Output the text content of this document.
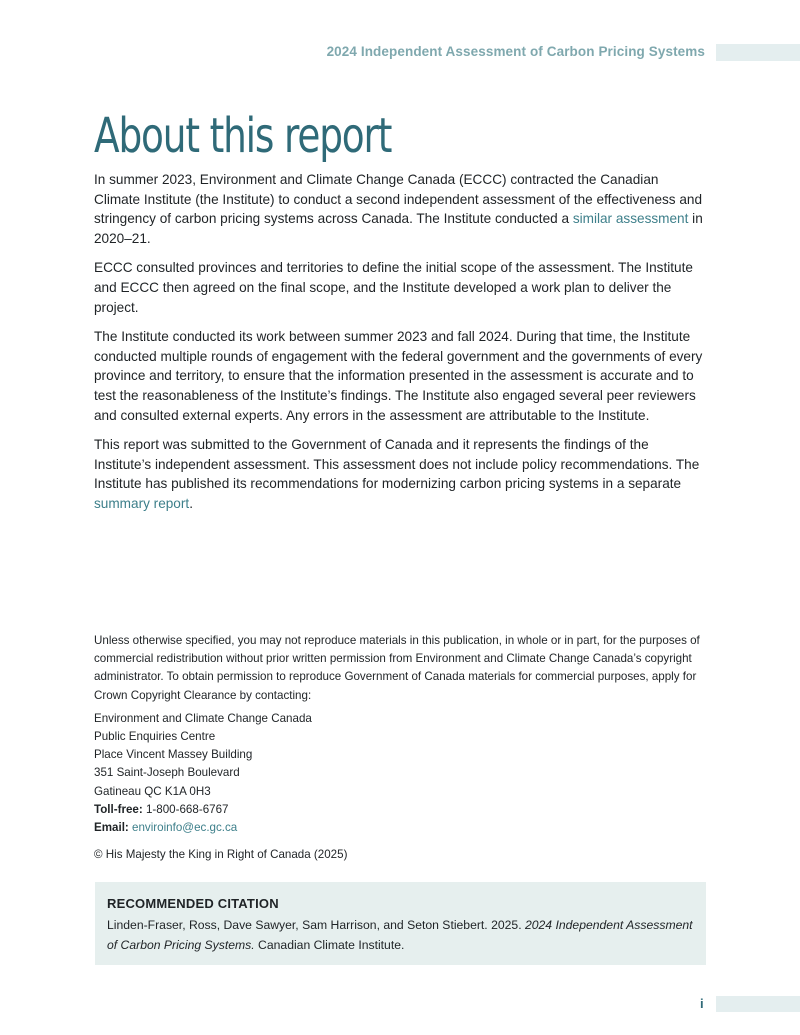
2024 Independent Assessment of Carbon Pricing Systems
About this report

In summer 2023, Environment and Climate Change Canada (ECCC) contracted the Canadian Climate Institute (the Institute) to conduct a second independent assessment of the effectiveness and stringency of carbon pricing systems across Canada. The Institute conducted a similar assessment in 2020–21.

ECCC consulted provinces and territories to define the initial scope of the assessment. The Institute and ECCC then agreed on the final scope, and the Institute developed a work plan to deliver the project.

The Institute conducted its work between summer 2023 and fall 2024. During that time, the Institute conducted multiple rounds of engagement with the federal government and the governments of every province and territory, to ensure that the information presented in the assessment is accurate and to test the reasonableness of the Institute’s findings. The Institute also engaged several peer reviewers and consulted external experts. Any errors in the assessment are attributable to the Institute.

This report was submitted to the Government of Canada and it represents the findings of the Institute’s independent assessment. This assessment does not include policy recommendations. The Institute has published its recommendations for modernizing carbon pricing systems in a separate summary report.

Unless otherwise specified, you may not reproduce materials in this publication, in whole or in part, for the purposes of commercial redistribution without prior written permission from Environment and Climate Change Canada’s copyright administrator. To obtain permission to reproduce Government of Canada materials for commercial purposes, apply for Crown Copyright Clearance by contacting:

Environment and Climate Change Canada
Public Enquiries Centre
Place Vincent Massey Building
351 Saint-Joseph Boulevard
Gatineau QC K1A 0H3
Toll-free: 1-800-668-6767
Email: enviroinfo@ec.gc.ca

© His Majesty the King in Right of Canada (2025)

RECOMMENDED CITATION

Linden-Fraser, Ross, Dave Sawyer, Sam Harrison, and Seton Stiebert. 2025. 2024 Independent Assessment of Carbon Pricing Systems. Canadian Climate Institute.

i
